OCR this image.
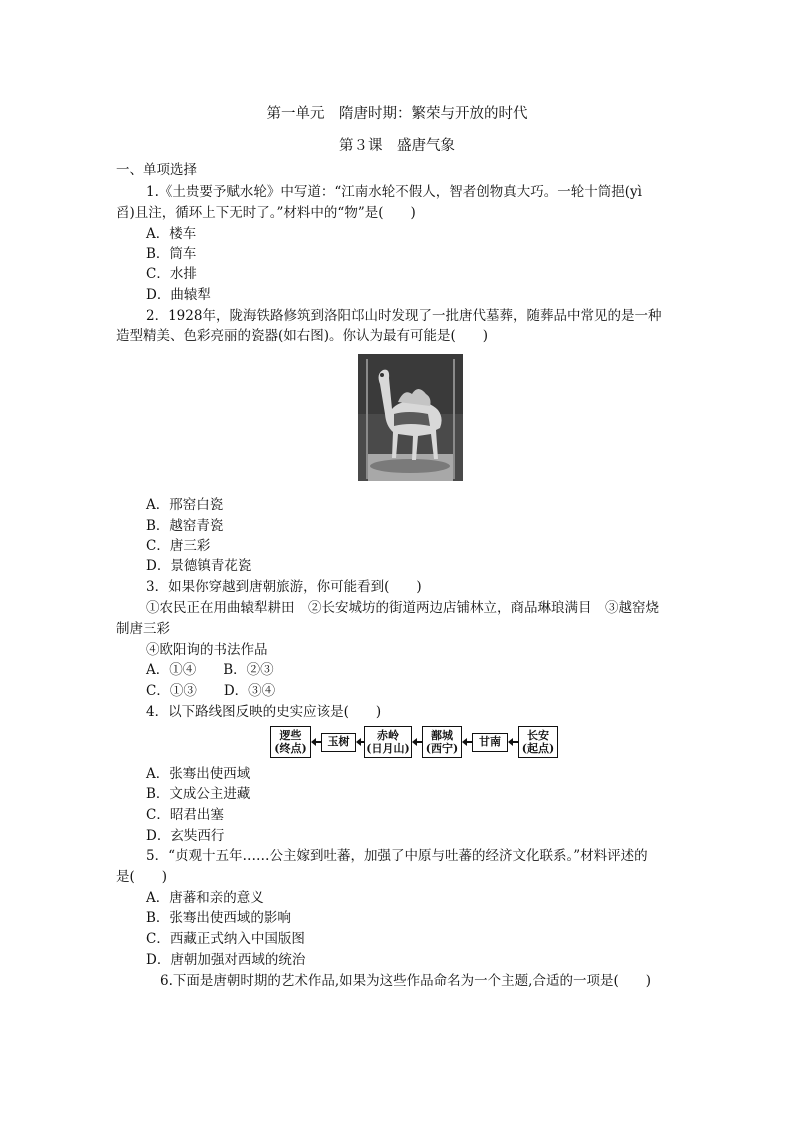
第一单元　隋唐时期：繁荣与开放的时代
第３课　盛唐气象
一、单项选择
1.《土贵要予赋水轮》中写道：“江南水轮不假人，智者创物真大巧。一轮十筒挹(yì
舀)且注，循环上下无时了。”材料中的“物”是(　　)
A．楼车
B．筒车
C．水排
D．曲辕犁
2．1928年，陇海铁路修筑到洛阳邙山时发现了一批唐代墓葬，随葬品中常见的是一种
造型精美、色彩亮丽的瓷器(如右图)。你认为最有可能是(　　)
A．邢窑白瓷
B．越窑青瓷
C．唐三彩
D．景德镇青花瓷
3．如果你穿越到唐朝旅游，你可能看到(　　)
①农民正在用曲辕犁耕田　②长安城坊的街道两边店铺林立，商品琳琅满目　③越窑烧
制唐三彩
④欧阳询的书法作品
A．①④　　B．②③
C．①③　　D．③④
4．以下路线图反映的史实应该是(　　)
逻些
(终点)
玉树	赤岭
(日月山)
鄯城
(西宁)
甘南	长安
(起点)
A．张骞出使西域
B．文成公主进藏
C．昭君出塞
D．玄奘西行
5．“贞观十五年……公主嫁到吐蕃，加强了中原与吐蕃的经济文化联系。”材料评述的
是(　　)
A．唐蕃和亲的意义
B．张骞出使西域的影响
C．西藏正式纳入中国版图
D．唐朝加强对西域的统治
6.下面是唐朝时期的艺术作品,如果为这些作品命名为一个主题,合适的一项是(　　)
